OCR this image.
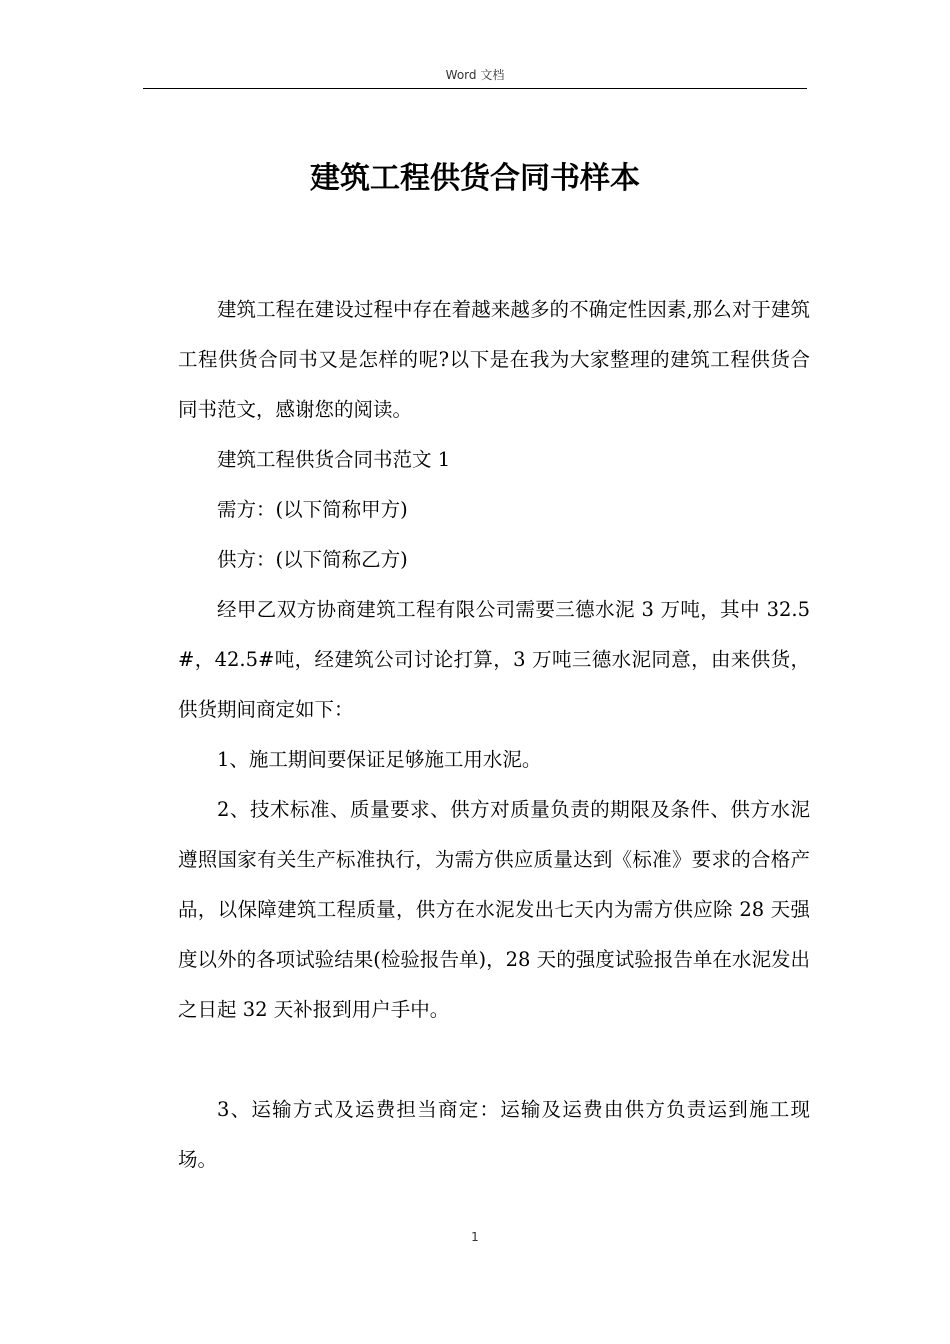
Word 文档
建筑工程供货合同书样本

建筑工程在建设过程中存在着越来越多的不确定性因素,那么对于建筑工程供货合同书又是怎样的呢?以下是在我为大家整理的建筑工程供货合同书范文，感谢您的阅读。

建筑工程供货合同书范文 1

需方：(以下简称甲方)

供方：(以下简称乙方)

经甲乙双方协商建筑工程有限公司需要三德水泥 3 万吨，其中 32.5#，42.5#吨，经建筑公司讨论打算，3 万吨三德水泥同意，由来供货，供货期间商定如下：

1、施工期间要保证足够施工用水泥。

2、技术标准、质量要求、供方对质量负责的期限及条件、供方水泥遵照国家有关生产标准执行，为需方供应质量达到《标准》要求的合格产品，以保障建筑工程质量，供方在水泥发出七天内为需方供应除 28 天强度以外的各项试验结果(检验报告单)，28 天的强度试验报告单在水泥发出之日起 32 天补报到用户手中。

3、运输方式及运费担当商定：运输及运费由供方负责运到施工现场。

1
